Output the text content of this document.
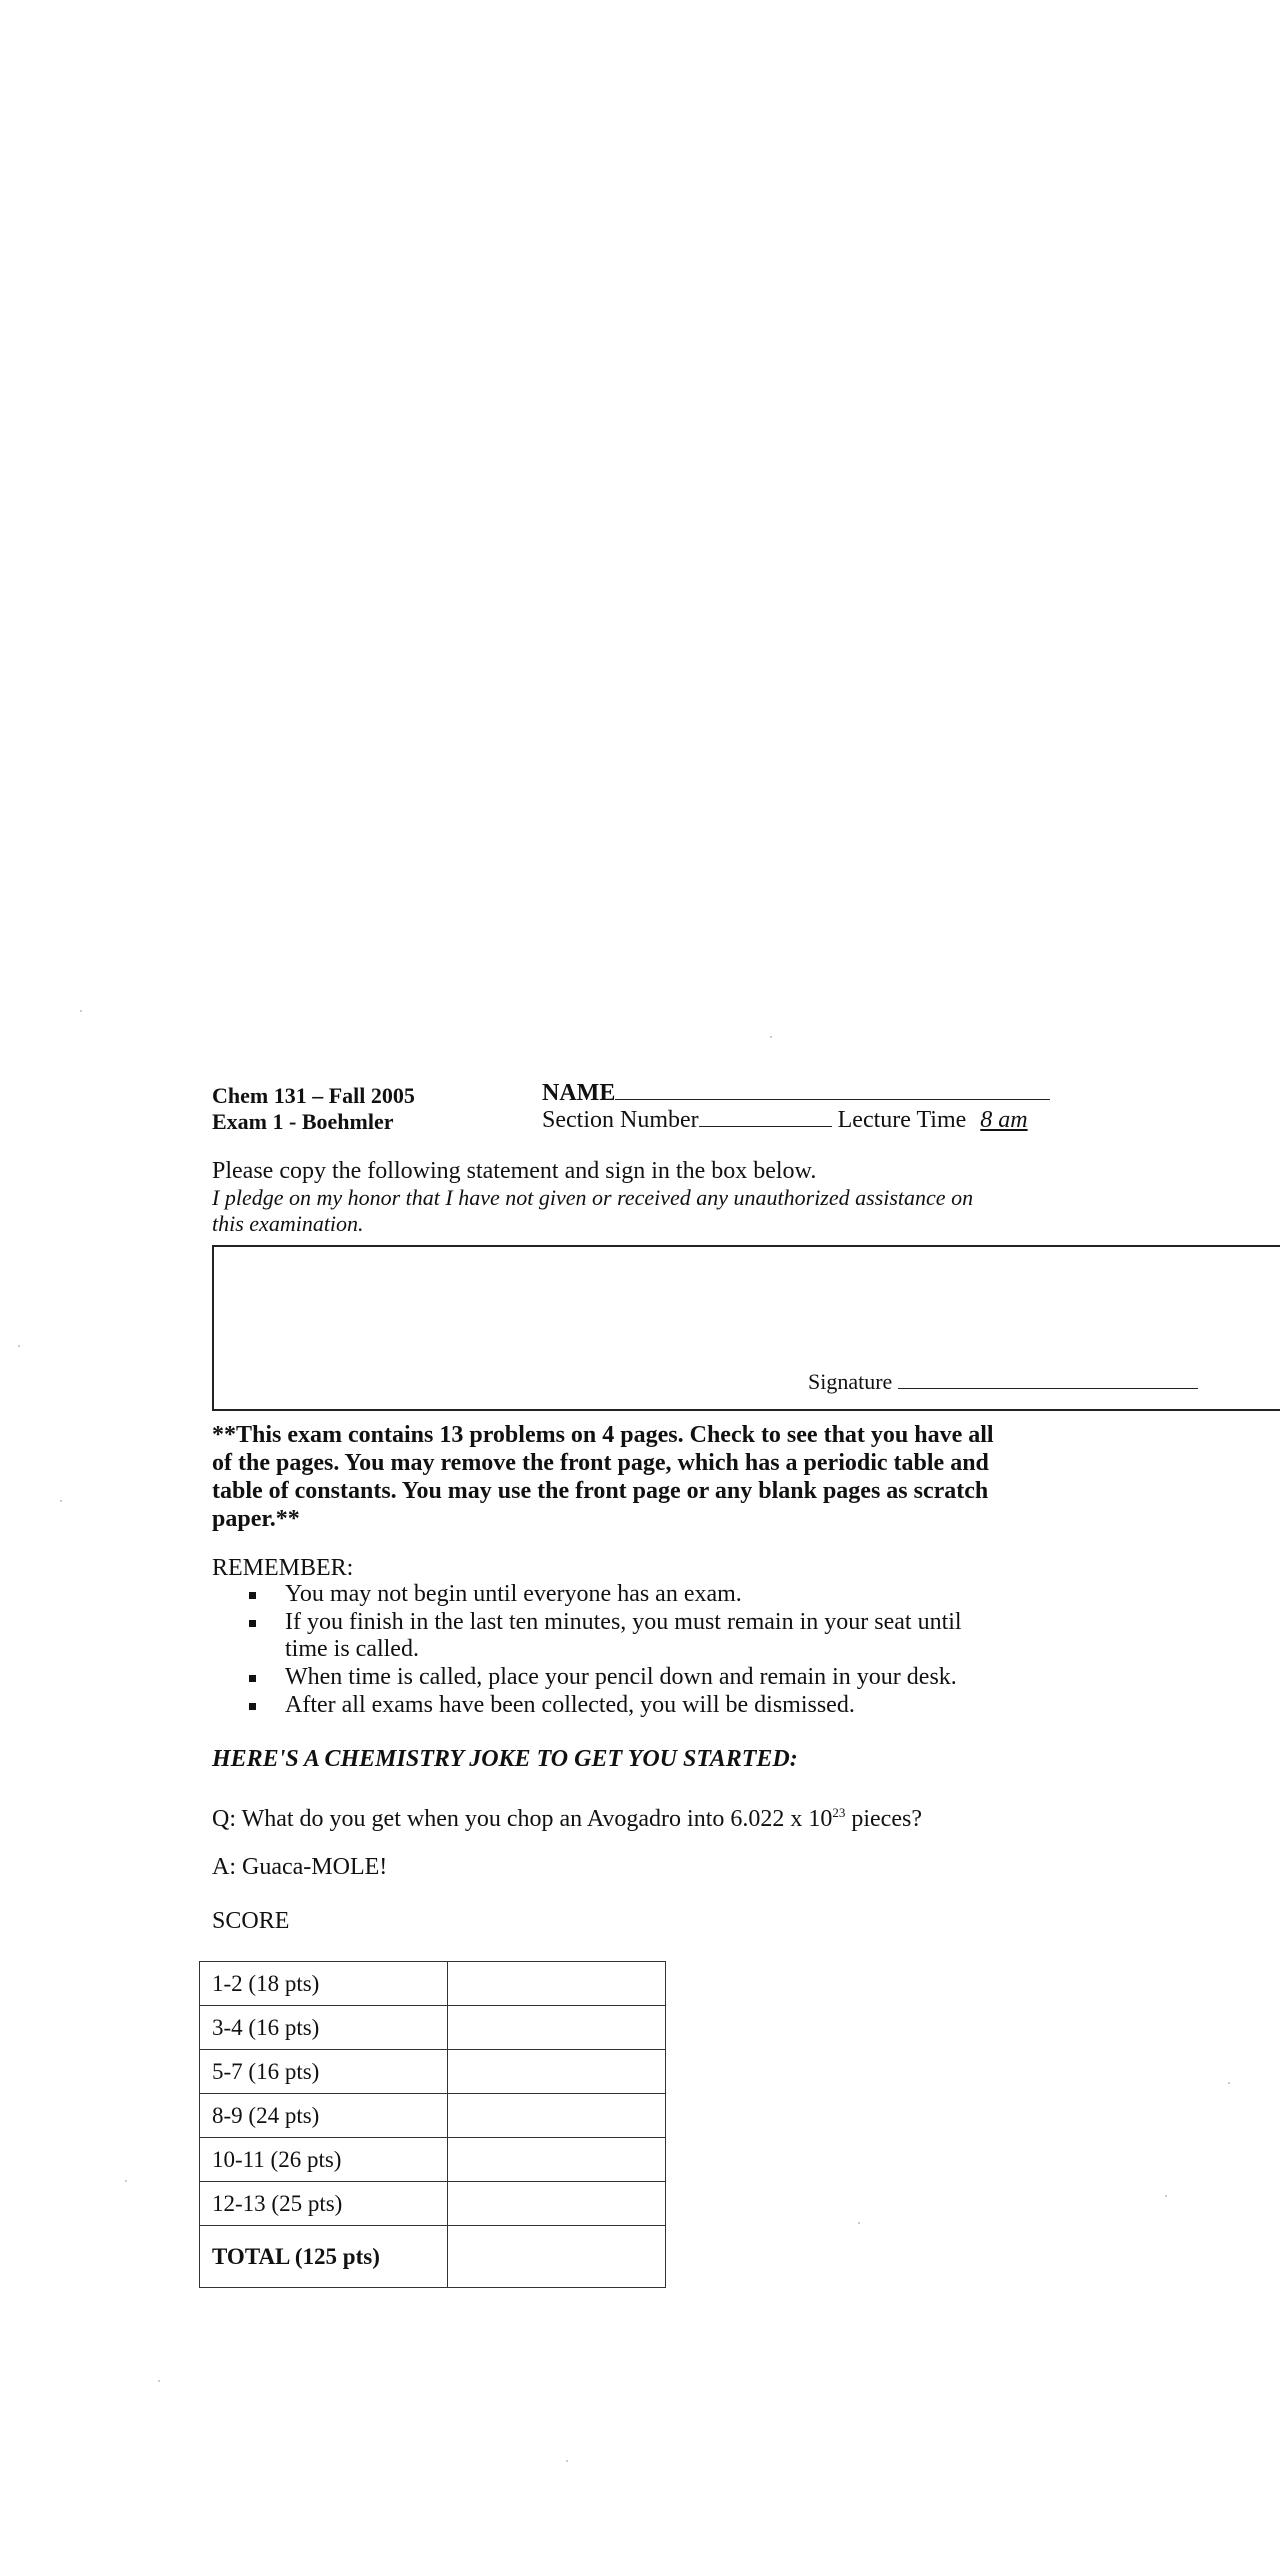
Chem 131 – Fall 2005
Exam 1 - Boehmler
NAME
Section Number	Lecture Time 8 am
Please copy the following statement and sign in the box below.
I pledge on my honor that I have not given or received any unauthorized assistance on
this examination.
Signature
**This exam contains 13 problems on 4 pages. Check to see that you have all
of the pages. You may remove the front page, which has a periodic table and
table of constants. You may use the front page or any blank pages as scratch
paper.**
REMEMBER:
You may not begin until everyone has an exam.
If you finish in the last ten minutes, you must remain in your seat until
time is called.
When time is called, place your pencil down and remain in your desk.
After all exams have been collected, you will be dismissed.
HERE'S A CHEMISTRY JOKE TO GET YOU STARTED:
Q: What do you get when you chop an Avogadro into 6.022 x $10^{23}$ pieces?
A: Guaca-MOLE!
SCORE
1-2 (18 pts)	
3-4 (16 pts)	
5-7 (16 pts)	
8-9 (24 pts)	
10-11 (26 pts)	
12-13 (25 pts)	
TOTAL (125 pts)	
